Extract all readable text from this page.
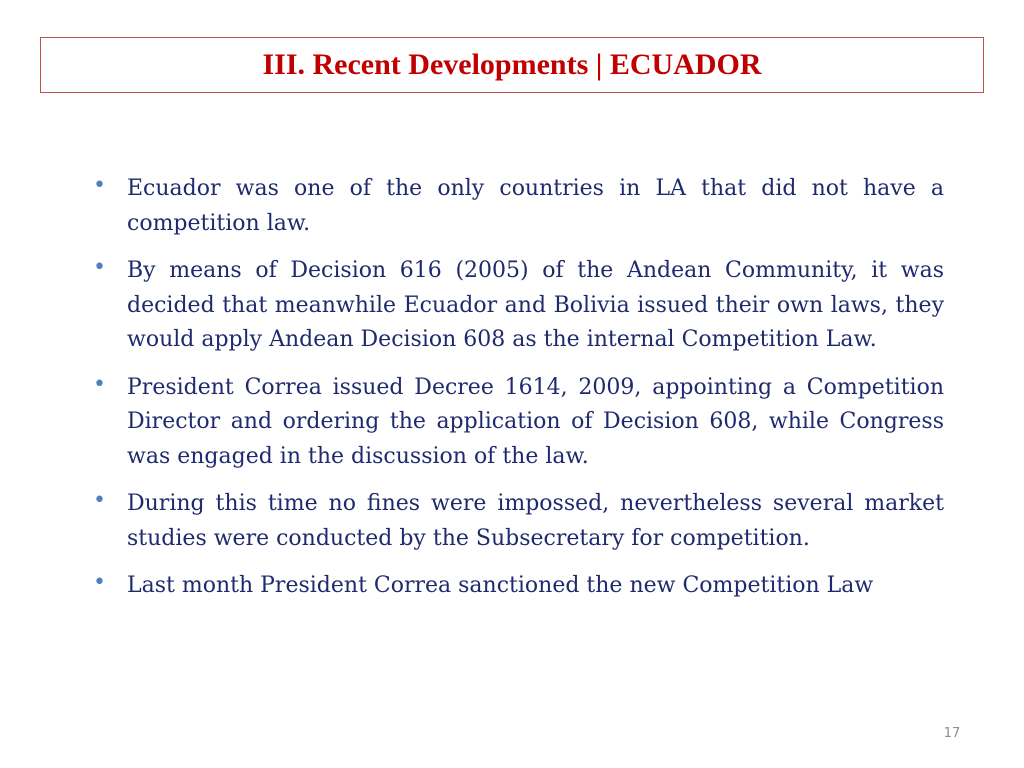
III. Recent Developments | ECUADOR
• Ecuador was one of the only countries in LA that did not have a competition law.
• By means of Decision 616 (2005) of the Andean Community, it was decided that meanwhile Ecuador and Bolivia issued their own laws, they would apply Andean Decision 608 as the internal Competition Law.
• President Correa issued Decree 1614, 2009, appointing a Competition Director and ordering the application of Decision 608, while Congress was engaged in the discussion of the law.
• During this time no fines were impossed, nevertheless several market studies were conducted by the Subsecretary for competition.
• Last month President Correa sanctioned the new Competition Law
17
